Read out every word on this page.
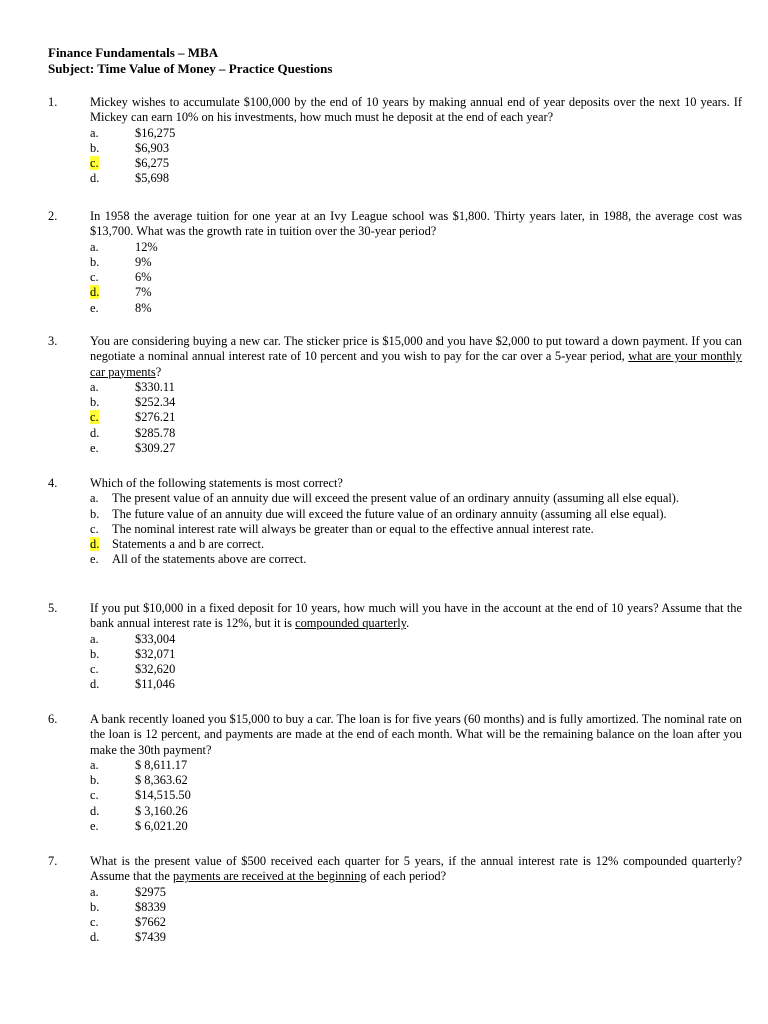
Finance Fundamentals – MBA
Subject: Time Value of Money – Practice Questions
1.	Mickey wishes to accumulate $100,000 by the end of 10 years by making annual end of year deposits over the next 10 years. If Mickey can earn 10% on his investments, how much must he deposit at the end of each year?
a.	$16,275
b.	$6,903
c.	$6,275
d.	$5,698
2.	In 1958 the average tuition for one year at an Ivy League school was $1,800. Thirty years later, in 1988, the average cost was $13,700. What was the growth rate in tuition over the 30-year period?
a.	12%
b.	9%
c.	6%
d.	7%
e.	8%
3.	You are considering buying a new car. The sticker price is $15,000 and you have $2,000 to put toward a down payment. If you can negotiate a nominal annual interest rate of 10 percent and you wish to pay for the car over a 5-year period, what are your monthly car payments?
a.	$330.11
b.	$252.34
c.	$276.21
d.	$285.78
e.	$309.27
4.	Which of the following statements is most correct?
a.	The present value of an annuity due will exceed the present value of an ordinary annuity (assuming all else equal).
b.	The future value of an annuity due will exceed the future value of an ordinary annuity (assuming all else equal).
c.	The nominal interest rate will always be greater than or equal to the effective annual interest rate.
d.	Statements a and b are correct.
e.	All of the statements above are correct.
5.	If you put $10,000 in a fixed deposit for 10 years, how much will you have in the account at the end of 10 years? Assume that the bank annual interest rate is 12%, but it is compounded quarterly.
a.	$33,004
b.	$32,071
c.	$32,620
d.	$11,046
6.	A bank recently loaned you $15,000 to buy a car. The loan is for five years (60 months) and is fully amortized. The nominal rate on the loan is 12 percent, and payments are made at the end of each month. What will be the remaining balance on the loan after you make the 30th payment?
a.	$ 8,611.17
b.	$ 8,363.62
c.	$14,515.50
d.	$ 3,160.26
e.	$ 6,021.20
7.	What is the present value of $500 received each quarter for 5 years, if the annual interest rate is 12% compounded quarterly? Assume that the payments are received at the beginning of each period?
a.	$2975
b.	$8339
c.	$7662
d.	$7439
